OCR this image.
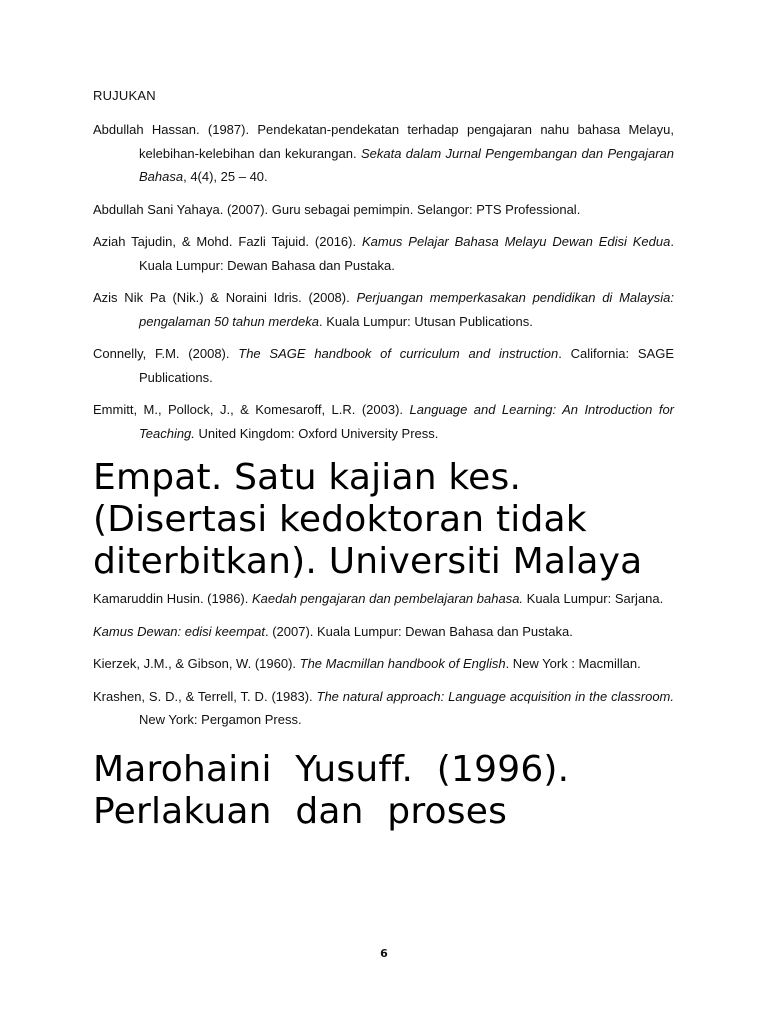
RUJUKAN
Abdullah Hassan. (1987). Pendekatan-pendekatan terhadap pengajaran nahu bahasa Melayu, kelebihan-kelebihan dan kekurangan. Sekata dalam Jurnal Pengembangan dan Pengajaran Bahasa, 4(4), 25 – 40.
Abdullah Sani Yahaya. (2007). Guru sebagai pemimpin. Selangor: PTS Professional.
Aziah Tajudin, & Mohd. Fazli Tajuid. (2016). Kamus Pelajar Bahasa Melayu Dewan Edisi Kedua. Kuala Lumpur: Dewan Bahasa dan Pustaka.
Azis Nik Pa (Nik.) & Noraini Idris. (2008). Perjuangan memperkasakan pendidikan di Malaysia: pengalaman 50 tahun merdeka. Kuala Lumpur: Utusan Publications.
Connelly, F.M. (2008). The SAGE handbook of curriculum and instruction. California: SAGE Publications.
Emmitt, M., Pollock, J., & Komesaroff, L.R. (2003). Language and Learning: An Introduction for Teaching. United Kingdom: Oxford University Press.
Empat. Satu kajian kes. (Disertasi kedoktoran tidak diterbitkan). Universiti Malaya
Kamaruddin Husin. (1986). Kaedah pengajaran dan pembelajaran bahasa. Kuala Lumpur: Sarjana.
Kamus Dewan: edisi keempat. (2007). Kuala Lumpur: Dewan Bahasa dan Pustaka.
Kierzek, J.M., & Gibson, W. (1960). The Macmillan handbook of English. New York : Macmillan.
Krashen, S. D., & Terrell, T. D. (1983). The natural approach: Language acquisition in the classroom. New York: Pergamon Press.
Marohaini Yusuff. (1996). Perlakuan dan proses
6
